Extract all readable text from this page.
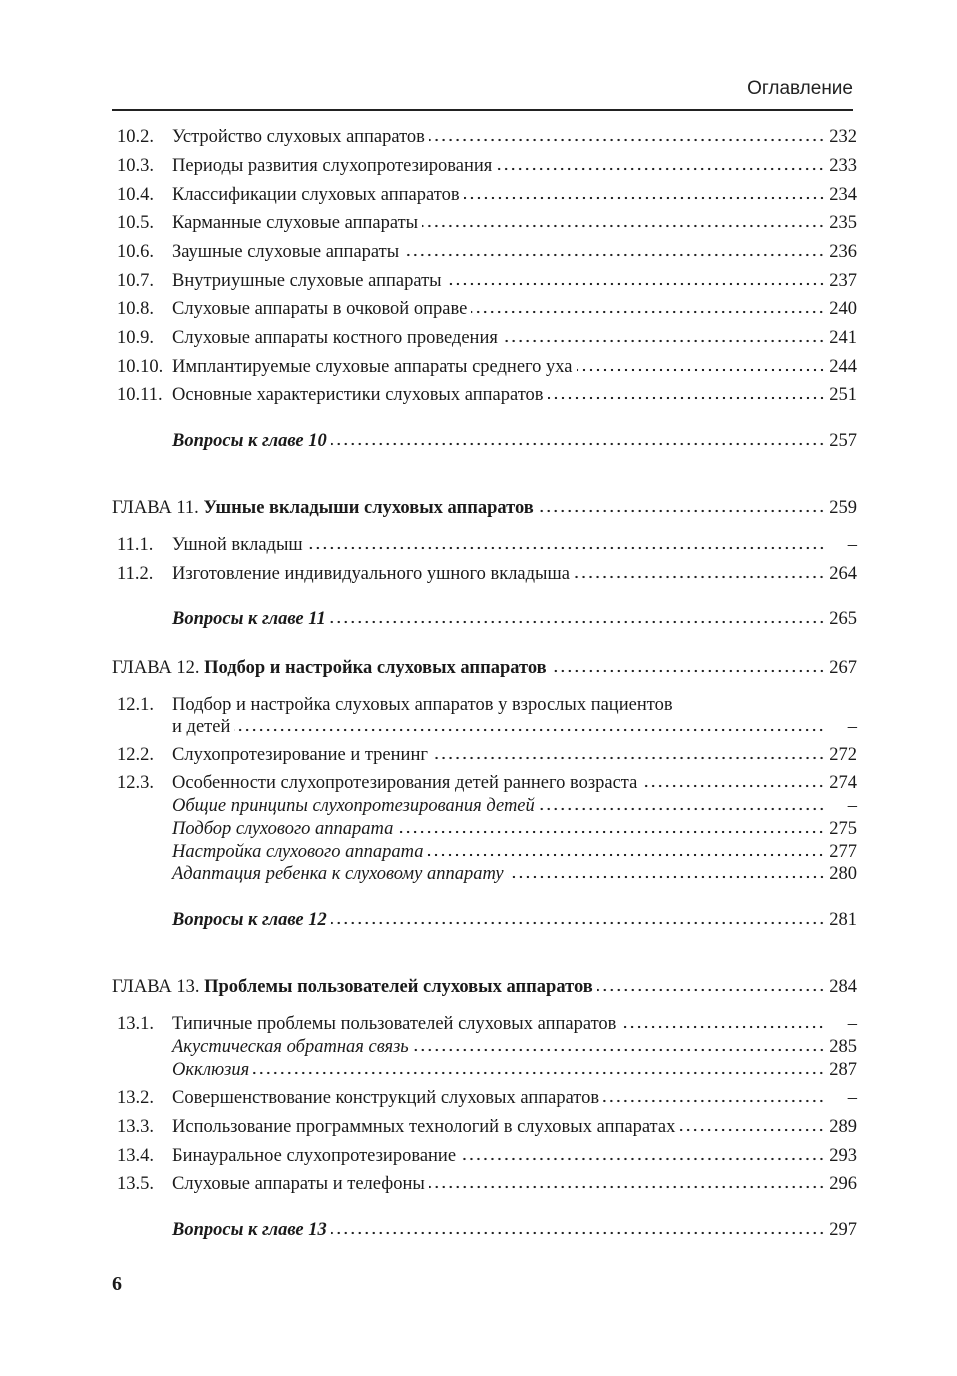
Оглавление
10.2. Устройство слуховых аппаратов	232
10.3. Периоды развития слухопротезирования	233
10.4. Классификации слуховых аппаратов	234
10.5. Карманные слуховые аппараты	235
10.6. Заушные слуховые аппараты	236
10.7. Внутриушные слуховые аппараты	237
10.8. Слуховые аппараты в очковой оправе	240
10.9. Слуховые аппараты костного проведения	241
10.10. Имплантируемые слуховые аппараты среднего уха	244
10.11. Основные характеристики слуховых аппаратов	251
Вопросы к главе 10	257
ГЛАВА 11.
Ушные вкладыши слуховых аппаратов	259
11.1.	Ушной вкладыш	–
11.2.	Изготовление индивидуального ушного вкладыша	264
Вопросы к главе 11	265
ГЛАВА 12.
Подбор и настройка слуховых аппаратов	267
12.1. Подбор и настройка слуховых аппаратов у взрослых пациентов
и детей	–
12.2. Слухопротезирование и тренинг	272
12.3. Особенности слухопротезирования детей раннего возраста	274
Общие принципы слухопротезирования детей	–
Подбор слухового аппарата	275
Настройка слухового аппарата	277
Адаптация ребенка к слуховому аппарату	280
Вопросы к главе 12	281
ГЛАВА 13.
Проблемы пользователей слуховых аппаратов	284
13.1. Типичные проблемы пользователей слуховых аппаратов	–
Акустическая обратная связь	285
Окклюзия	287
13.2. Совершенствование конструкций слуховых аппаратов	–
13.3. Использование программных технологий в слуховых аппаратах	289
13.4. Бинауральное слухопротезирование	293
13.5. Слуховые аппараты и телефоны	296
Вопросы к главе 13	297
6
